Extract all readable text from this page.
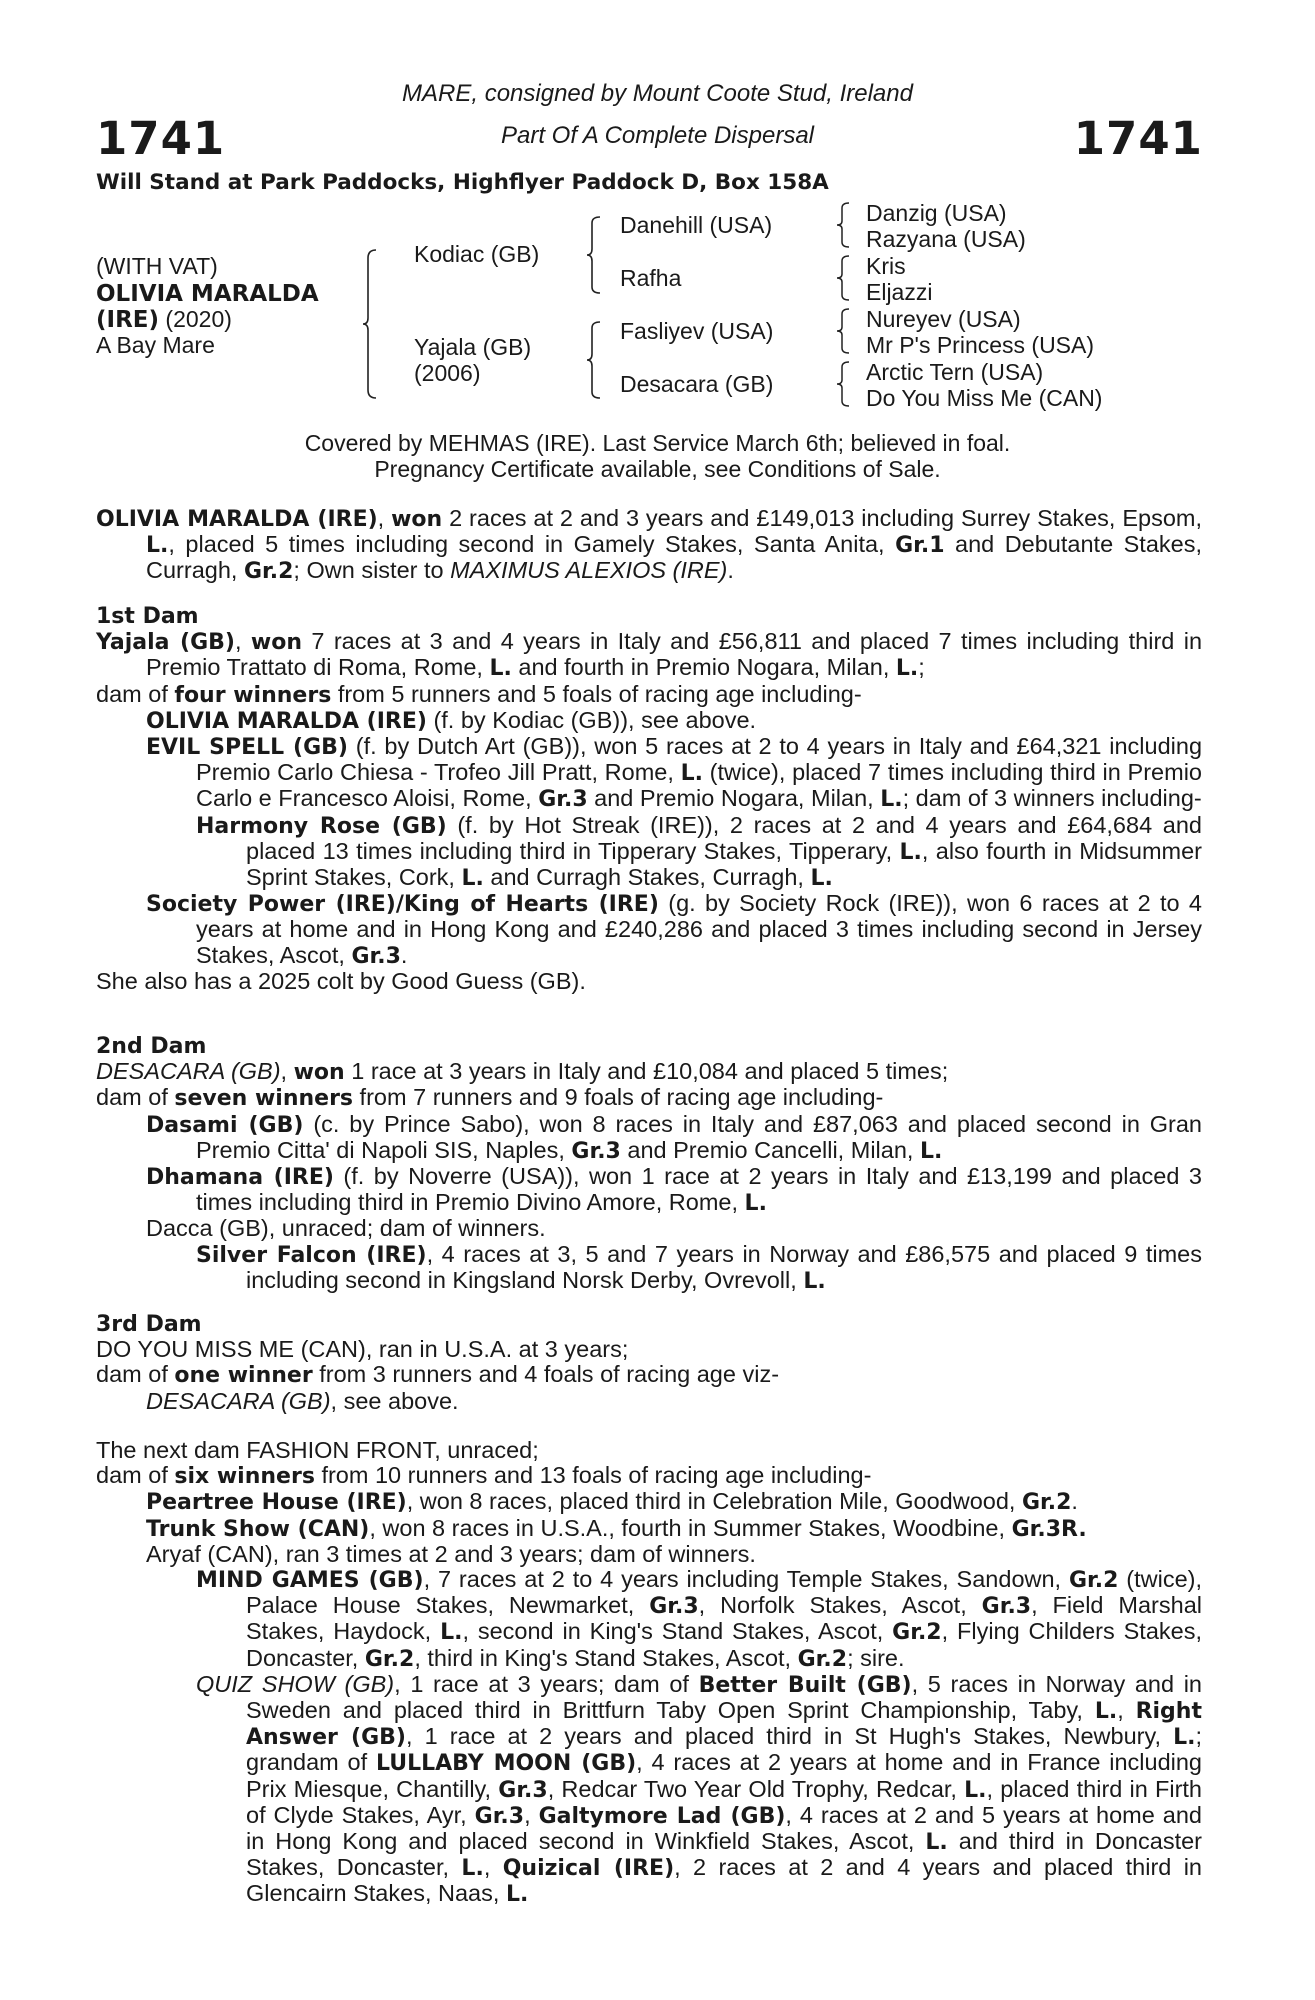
1741	1741
MARE, consigned by Mount Coote Stud, Ireland
Part Of A Complete Dispersal
Will Stand at Park Paddocks, Highflyer Paddock D, Box 158A
(WITH VAT)
OLIVIA MARALDA
(IRE) (2020)
A Bay Mare
Kodiac (GB)
Yajala (GB)
(2006)
Danehill (USA)
Rafha
Fasliyev (USA)
Desacara (GB)
Danzig (USA)
Razyana (USA)
Kris
Eljazzi
Nureyev (USA)
Mr P's Princess (USA)
Arctic Tern (USA)
Do You Miss Me (CAN)
Covered by MEHMAS (IRE). Last Service March 6th; believed in foal.
Pregnancy Certificate available, see Conditions of Sale.

OLIVIA MARALDA (IRE), won 2 races at 2 and 3 years and £149,013 including Surrey Stakes, Epsom, L., placed 5 times including second in Gamely Stakes, Santa Anita, Gr.1 and Debutante Stakes, Curragh, Gr.2; Own sister to MAXIMUS ALEXIOS (IRE).

1st Dam

Yajala (GB), won 7 races at 3 and 4 years in Italy and £56,811 and placed 7 times including third in Premio Trattato di Roma, Rome, L. and fourth in Premio Nogara, Milan, L.;

dam of four winners from 5 runners and 5 foals of racing age including-

OLIVIA MARALDA (IRE) (f. by Kodiac (GB)), see above.

EVIL SPELL (GB) (f. by Dutch Art (GB)), won 5 races at 2 to 4 years in Italy and £64,321 including Premio Carlo Chiesa - Trofeo Jill Pratt, Rome, L. (twice), placed 7 times including third in Premio Carlo e Francesco Aloisi, Rome, Gr.3 and Premio Nogara, Milan, L.; dam of 3 winners including-

Harmony Rose (GB) (f. by Hot Streak (IRE)), 2 races at 2 and 4 years and £64,684 and placed 13 times including third in Tipperary Stakes, Tipperary, L., also fourth in Midsummer Sprint Stakes, Cork, L. and Curragh Stakes, Curragh, L.

Society Power (IRE)/King of Hearts (IRE) (g. by Society Rock (IRE)), won 6 races at 2 to 4 years at home and in Hong Kong and £240,286 and placed 3 times including second in Jersey Stakes, Ascot, Gr.3.

She also has a 2025 colt by Good Guess (GB).

2nd Dam

DESACARA (GB), won 1 race at 3 years in Italy and £10,084 and placed 5 times;

dam of seven winners from 7 runners and 9 foals of racing age including-

Dasami (GB) (c. by Prince Sabo), won 8 races in Italy and £87,063 and placed second in Gran Premio Citta' di Napoli SIS, Naples, Gr.3 and Premio Cancelli, Milan, L.

Dhamana (IRE) (f. by Noverre (USA)), won 1 race at 2 years in Italy and £13,199 and placed 3 times including third in Premio Divino Amore, Rome, L.

Dacca (GB), unraced; dam of winners.

Silver Falcon (IRE), 4 races at 3, 5 and 7 years in Norway and £86,575 and placed 9 times including second in Kingsland Norsk Derby, Ovrevoll, L.

3rd Dam

DO YOU MISS ME (CAN), ran in U.S.A. at 3 years;

dam of one winner from 3 runners and 4 foals of racing age viz-

DESACARA (GB), see above.

The next dam FASHION FRONT, unraced;

dam of six winners from 10 runners and 13 foals of racing age including-

Peartree House (IRE), won 8 races, placed third in Celebration Mile, Goodwood, Gr.2.

Trunk Show (CAN), won 8 races in U.S.A., fourth in Summer Stakes, Woodbine, Gr.3R.

Aryaf (CAN), ran 3 times at 2 and 3 years; dam of winners.

MIND GAMES (GB), 7 races at 2 to 4 years including Temple Stakes, Sandown, Gr.2 (twice), Palace House Stakes, Newmarket, Gr.3, Norfolk Stakes, Ascot, Gr.3, Field Marshal Stakes, Haydock, L., second in King's Stand Stakes, Ascot, Gr.2, Flying Childers Stakes, Doncaster, Gr.2, third in King's Stand Stakes, Ascot, Gr.2; sire.

QUIZ SHOW (GB), 1 race at 3 years; dam of Better Built (GB), 5 races in Norway and in Sweden and placed third in Brittfurn Taby Open Sprint Championship, Taby, L., Right Answer (GB), 1 race at 2 years and placed third in St Hugh's Stakes, Newbury, L.; grandam of LULLABY MOON (GB), 4 races at 2 years at home and in France including Prix Miesque, Chantilly, Gr.3, Redcar Two Year Old Trophy, Redcar, L., placed third in Firth of Clyde Stakes, Ayr, Gr.3, Galtymore Lad (GB), 4 races at 2 and 5 years at home and in Hong Kong and placed second in Winkfield Stakes, Ascot, L. and third in Doncaster Stakes, Doncaster, L., Quizical (IRE), 2 races at 2 and 4 years and placed third in Glencairn Stakes, Naas, L.
